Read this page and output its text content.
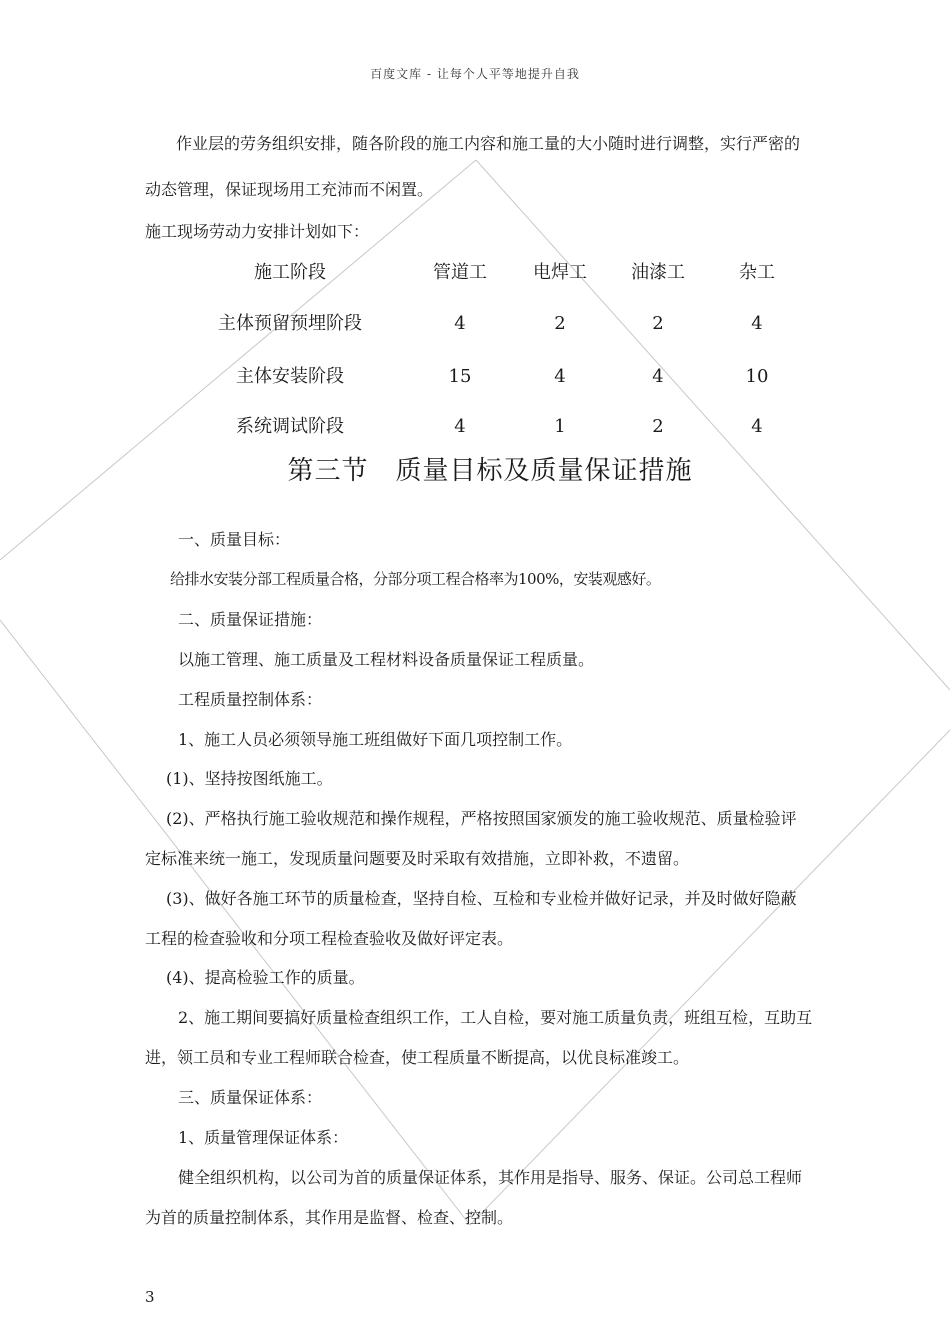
百度文库 - 让每个人平等地提升自我
作业层的劳务组织安排，随各阶段的施工内容和施工量的大小随时进行调整，实行严密的
动态管理，保证现场用工充沛而不闲置。
施工现场劳动力安排计划如下：
施工阶段	管道工	电焊工	油漆工	杂工
主体预留预埋阶段	4	2	2	4
主体安装阶段	15	4	4	10
系统调试阶段	4	1	2	4
第三节　质量目标及质量保证措施
一、质量目标：
给排水安装分部工程质量合格，分部分项工程合格率为100%，安装观感好。
二、质量保证措施：
以施工管理、施工质量及工程材料设备质量保证工程质量。
工程质量控制体系：
1、施工人员必须领导施工班组做好下面几项控制工作。
(1)、坚持按图纸施工。
(2)、严格执行施工验收规范和操作规程，严格按照国家颁发的施工验收规范、质量检验评
定标准来统一施工，发现质量问题要及时采取有效措施，立即补救，不遗留。
(3)、做好各施工环节的质量检查，坚持自检、互检和专业检并做好记录，并及时做好隐蔽
工程的检查验收和分项工程检查验收及做好评定表。
(4)、提高检验工作的质量。
2、施工期间要搞好质量检查组织工作，工人自检，要对施工质量负责，班组互检，互助互
进，领工员和专业工程师联合检查，使工程质量不断提高，以优良标准竣工。
三、质量保证体系：
1、质量管理保证体系：
健全组织机构，以公司为首的质量保证体系，其作用是指导、服务、保证。公司总工程师
为首的质量控制体系，其作用是监督、检查、控制。
3
